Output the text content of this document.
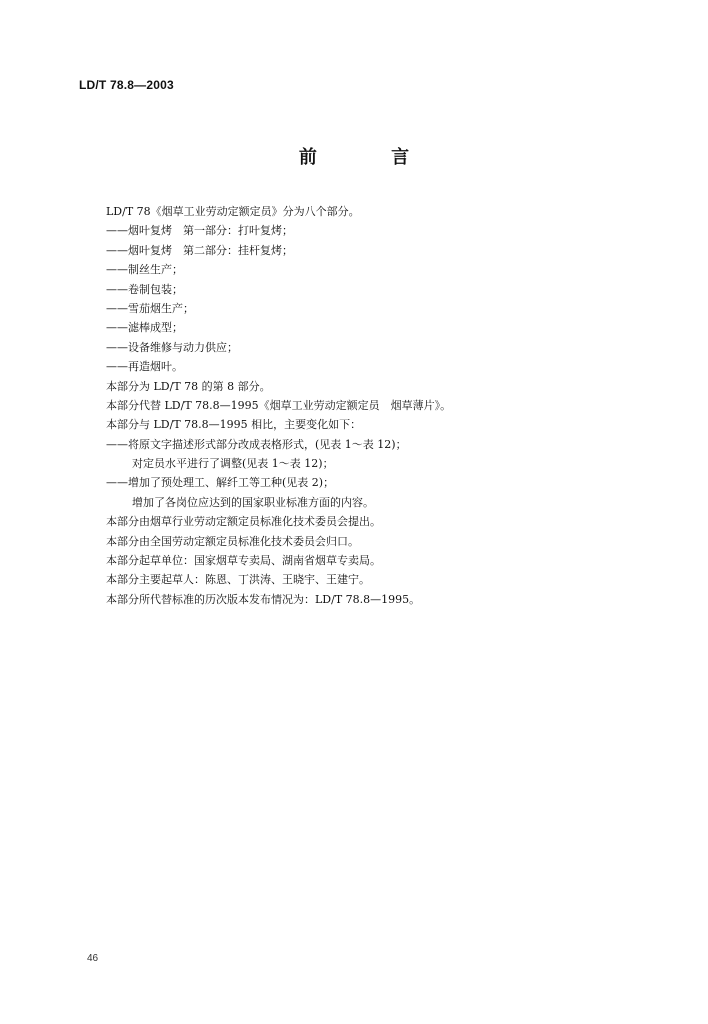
LD/T 78.8—2003
前 言
LD/T 78《烟草工业劳动定额定员》分为八个部分。
——烟叶复烤　第一部分：打叶复烤；
——烟叶复烤　第二部分：挂杆复烤；
——制丝生产；
——卷制包装；
——雪茄烟生产；
——滤棒成型；
——设备维修与动力供应；
——再造烟叶。
本部分为 LD/T 78 的第 8 部分。
本部分代替 LD/T 78.8—1995《烟草工业劳动定额定员　烟草薄片》。
本部分与 LD/T 78.8—1995 相比，主要变化如下：
——将原文字描述形式部分改成表格形式，(见表 1～表 12)；
对定员水平进行了调整(见表 1～表 12)；
——增加了预处理工、解纤工等工种(见表 2)；
增加了各岗位应达到的国家职业标准方面的内容。
本部分由烟草行业劳动定额定员标准化技术委员会提出。
本部分由全国劳动定额定员标准化技术委员会归口。
本部分起草单位：国家烟草专卖局、湖南省烟草专卖局。
本部分主要起草人：陈恩、丁洪涛、王晓宇、王建宁。
本部分所代替标准的历次版本发布情况为：LD/T 78.8—1995。
46
